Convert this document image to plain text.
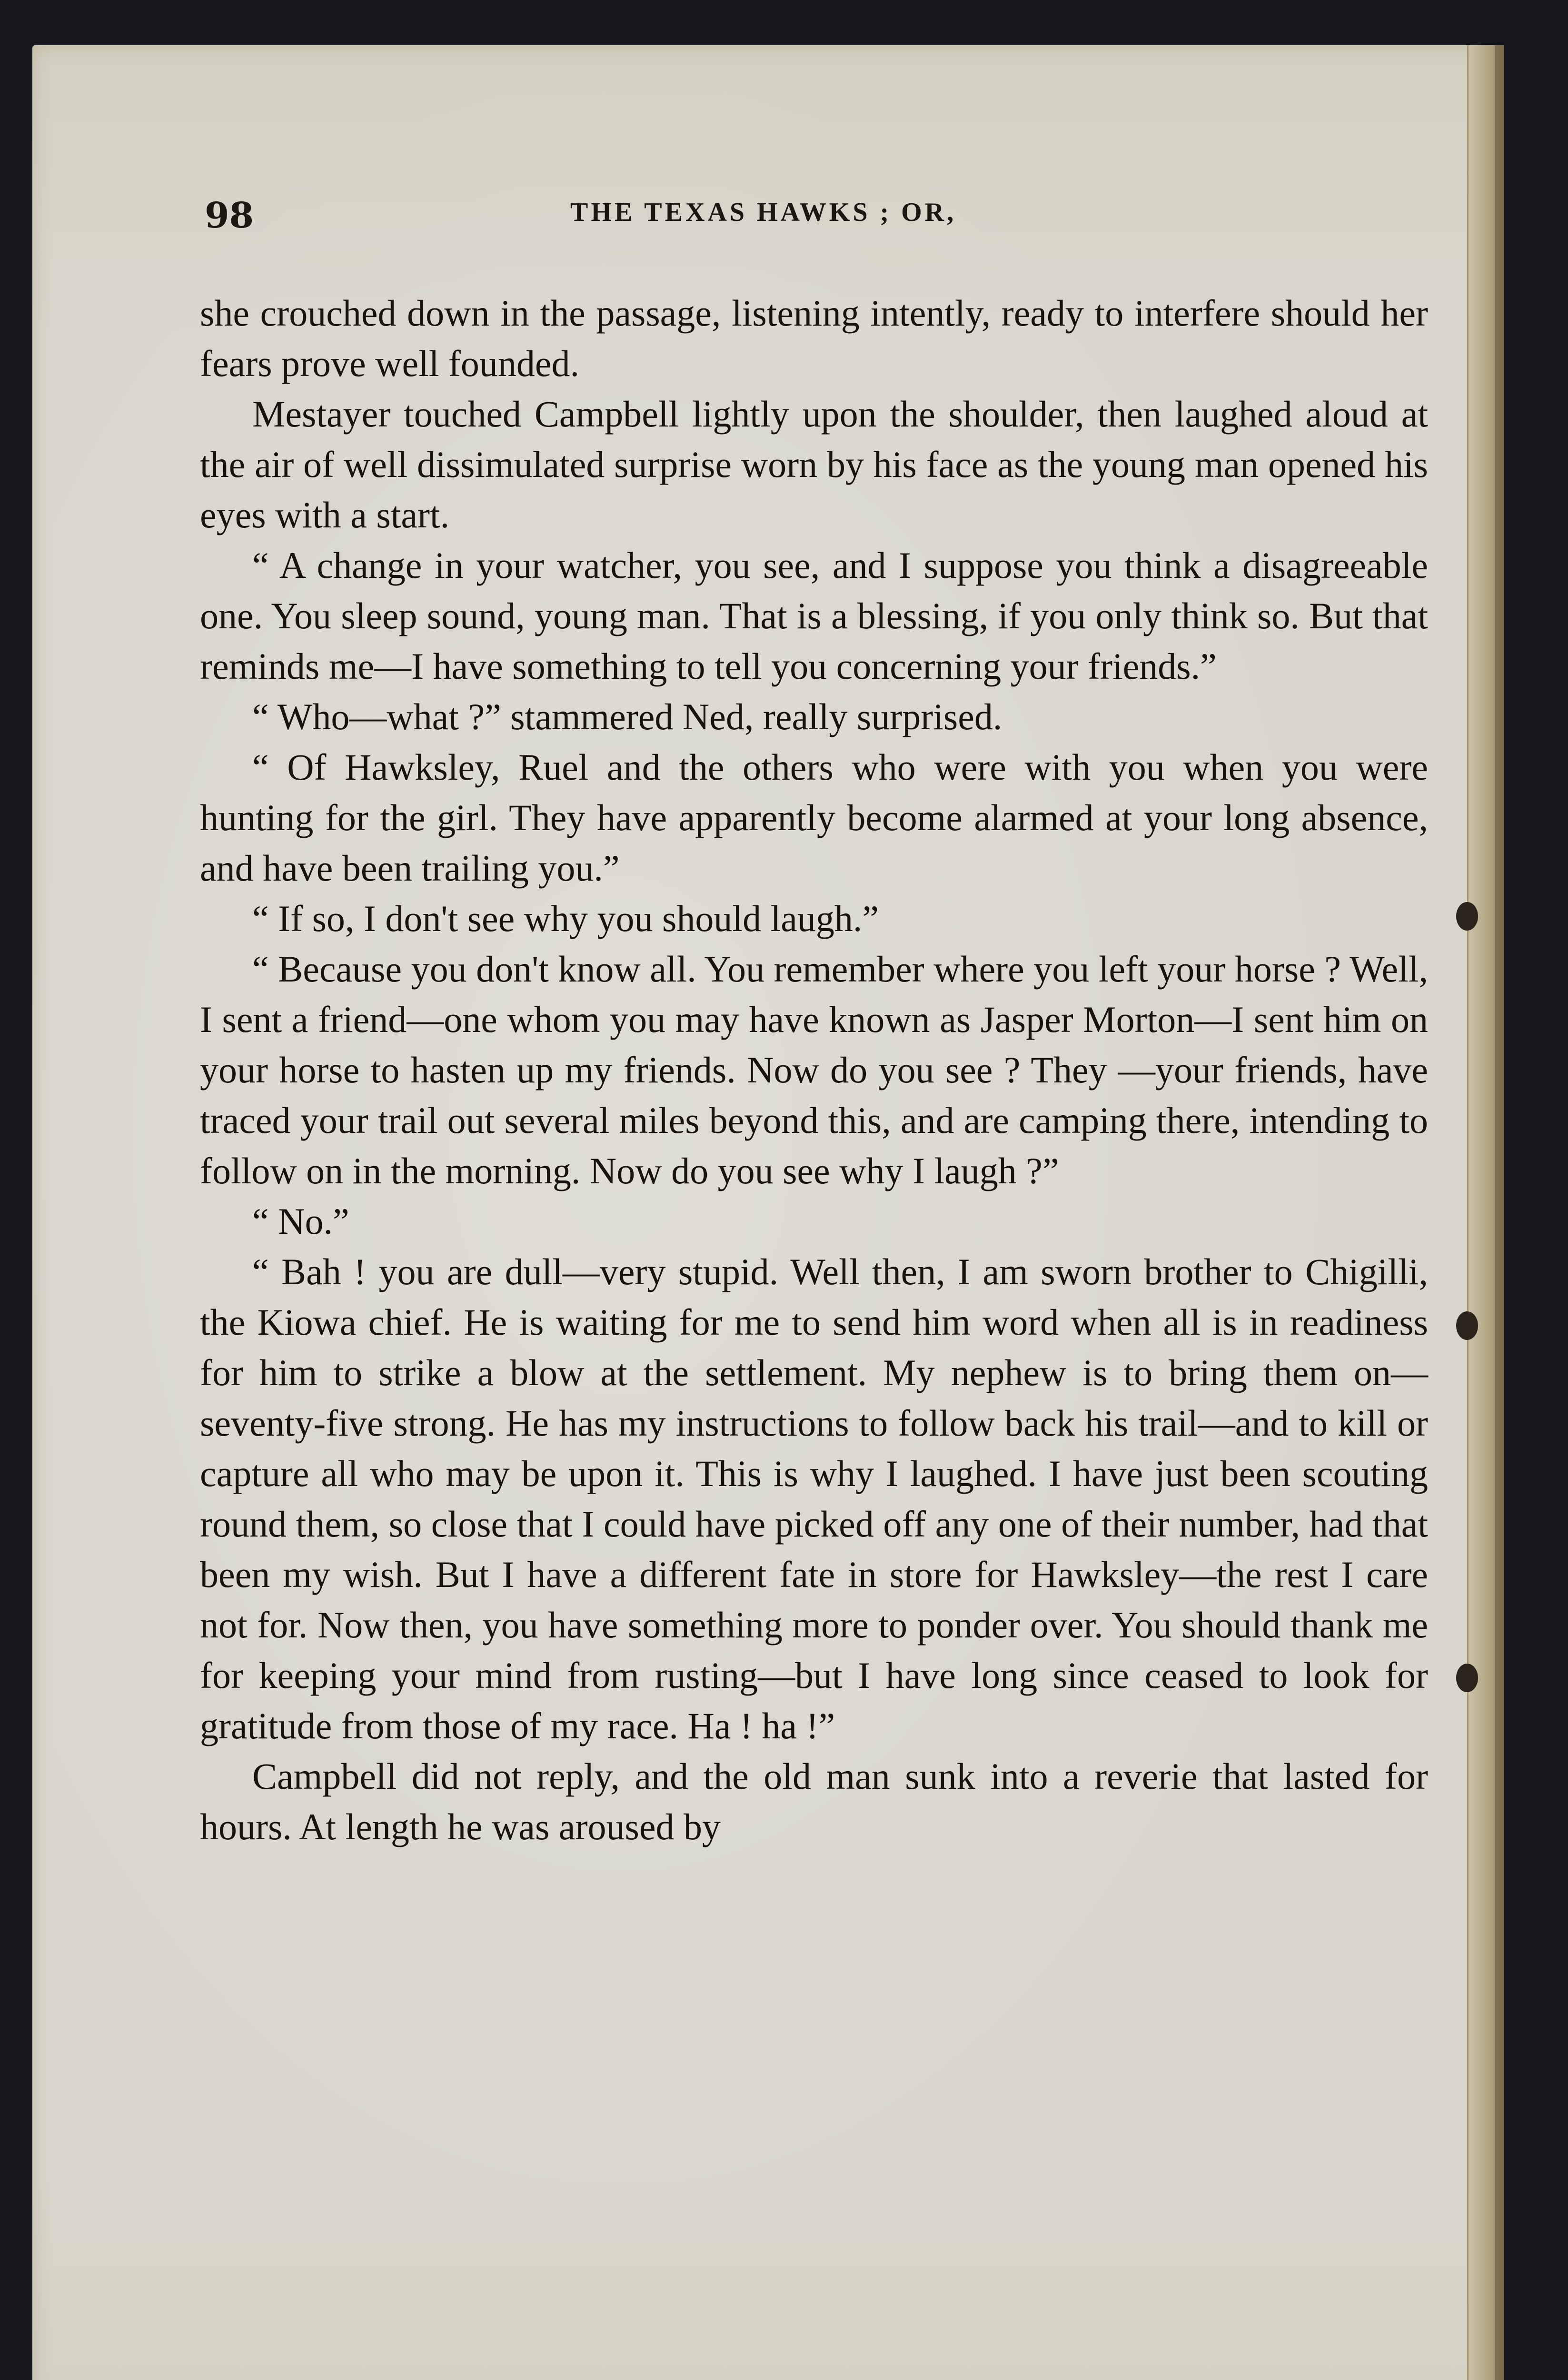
98	THE TEXAS HAWKS ; OR,

she crouched down in the passage, listening intently, ready to interfere should her fears prove well founded.

Mestayer touched Campbell lightly upon the shoulder, then laughed aloud at the air of well dissimulated surprise worn by his face as the young man opened his eyes with a start.

“ A change in your watcher, you see, and I suppose you think a disagreeable one. You sleep sound, young man. That is a blessing, if you only think so. But that reminds me—I have something to tell you concerning your friends.”

“ Who—what ?” stammered Ned, really surprised.

“ Of Hawksley, Ruel and the others who were with you when you were hunting for the girl. They have apparently become alarmed at your long absence, and have been trailing you.”

“ If so, I don't see why you should laugh.”

“ Because you don't know all. You remember where you left your horse ? Well, I sent a friend—one whom you may have known as Jasper Morton—I sent him on your horse to hasten up my friends. Now do you see ? They —your friends, have traced your trail out several miles beyond this, and are camping there, intending to follow on in the morning. Now do you see why I laugh ?”

“ No.”

“ Bah ! you are dull—very stupid. Well then, I am sworn brother to Chigilli, the Kiowa chief. He is waiting for me to send him word when all is in readiness for him to strike a blow at the settlement. My nephew is to bring them on—seventy-five strong. He has my instructions to follow back his trail—and to kill or capture all who may be upon it. This is why I laughed. I have just been scouting round them, so close that I could have picked off any one of their number, had that been my wish. But I have a different fate in store for Hawksley—the rest I care not for. Now then, you have something more to ponder over. You should thank me for keeping your mind from rusting—but I have long since ceased to look for gratitude from those of my race. Ha ! ha !”

Campbell did not reply, and the old man sunk into a reverie that lasted for hours. At length he was aroused by
